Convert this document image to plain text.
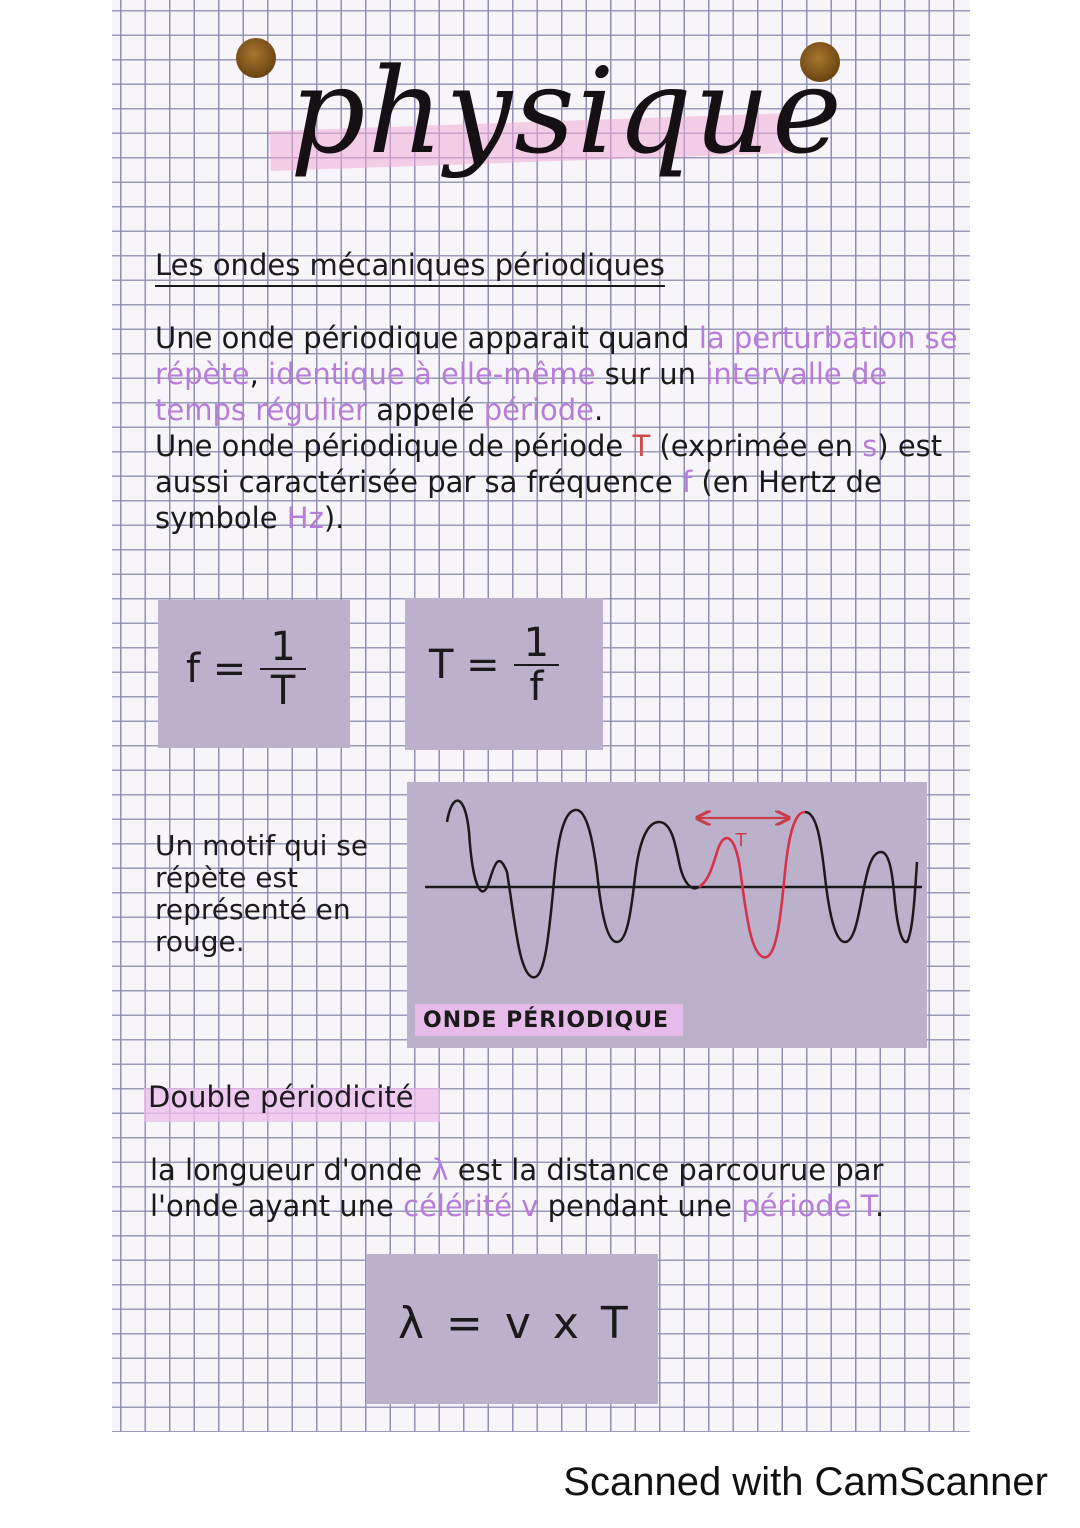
physique
Les ondes mécaniques périodiques

Une onde périodique apparait quand la perturbation se répète, identique à elle-même sur un intervalle de temps régulier appelé période.

Une onde périodique de période T (exprimée en s) est aussi caractérisée par sa fréquence f (en Hertz de symbole Hz).

$f = \frac{1}{T}$	$T = \frac{1}{f}$
Un motif qui se répète est représenté en rouge.
T
ONDE PÉRIODIQUE
Double périodicité

la longueur d'onde λ est la distance parcourue par l'onde ayant une célérité v pendant une période T.

λ = v x T
Scanned with CamScanner
